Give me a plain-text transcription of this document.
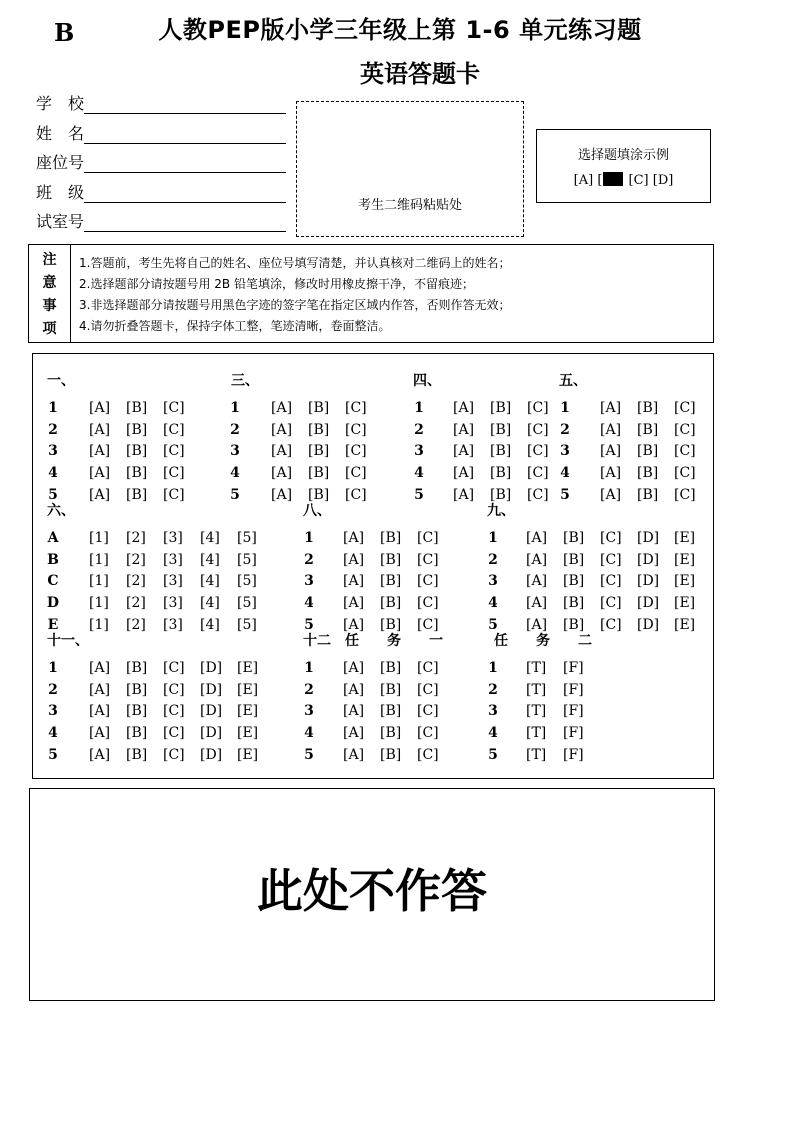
B	人教PEP版小学三年级上第 1-6 单元练习题
英语答题卡
学　校
姓　名
座位号
班　级
试室号
考生二维码粘贴处
选择题填涂示例
[A] [ [C] [D]
注
意
事
项
1.答题前，考生先将自己的姓名、座位号填写清楚，并认真核对二维码上的姓名；
2.选择题部分请按题号用 2B 铅笔填涂，修改时用橡皮擦干净，不留痕迹；
3.非选择题部分请按题号用黑色字迹的签字笔在指定区域内作答，否则作答无效；
4.请勿折叠答题卡，保持字体工整，笔迹清晰，卷面整洁。
一、
1	[A] [B] [C]
2	[A] [B] [C]
3	[A] [B] [C]
4	[A] [B] [C]
5	[A] [B] [C]
三、
1	[A] [B] [C]
2	[A] [B] [C]
3	[A] [B] [C]
4	[A] [B] [C]
5	[A] [B] [C]
四、
1	[A] [B] [C]
2	[A] [B] [C]
3	[A] [B] [C]
4	[A] [B] [C]
5	[A] [B] [C]
五、
1	[A] [B] [C]
2	[A] [B] [C]
3	[A] [B] [C]
4	[A] [B] [C]
5	[A] [B] [C]
六、
A	[1] [2] [3] [4] [5]
B [1] [2] [3] [4] [5]
C	[1] [2] [3] [4] [5]
D [1] [2] [3] [4] [5]
E	[1] [2] [3] [4] [5]
八、
1	[A] [B] [C]
2	[A] [B] [C]
3	[A] [B] [C]
4	[A] [B] [C]
5	[A] [B] [C]
九、
1	[A] [B] [C] [D] [E]
2	[A] [B] [C] [D] [E]
3	[A] [B] [C] [D] [E]
4	[A] [B] [C] [D] [E]
5	[A] [B] [C] [D] [E]
十一、
1	[A] [B] [C] [D] [E]
2	[A] [B] [C] [D] [E]
3	[A] [B] [C] [D] [E]
4	[A] [B] [C] [D] [E]
5	[A] [B] [C] [D] [E]
十二　任　　务　　一
1	[A] [B] [C]
2	[A] [B] [C]
3	[A] [B] [C]
4	[A] [B] [C]
5	[A] [B] [C]
任　　务　　二
1	[T] [F]
2	[T] [F]
3	[T] [F]
4	[T] [F]
5	[T] [F]
此处不作答
